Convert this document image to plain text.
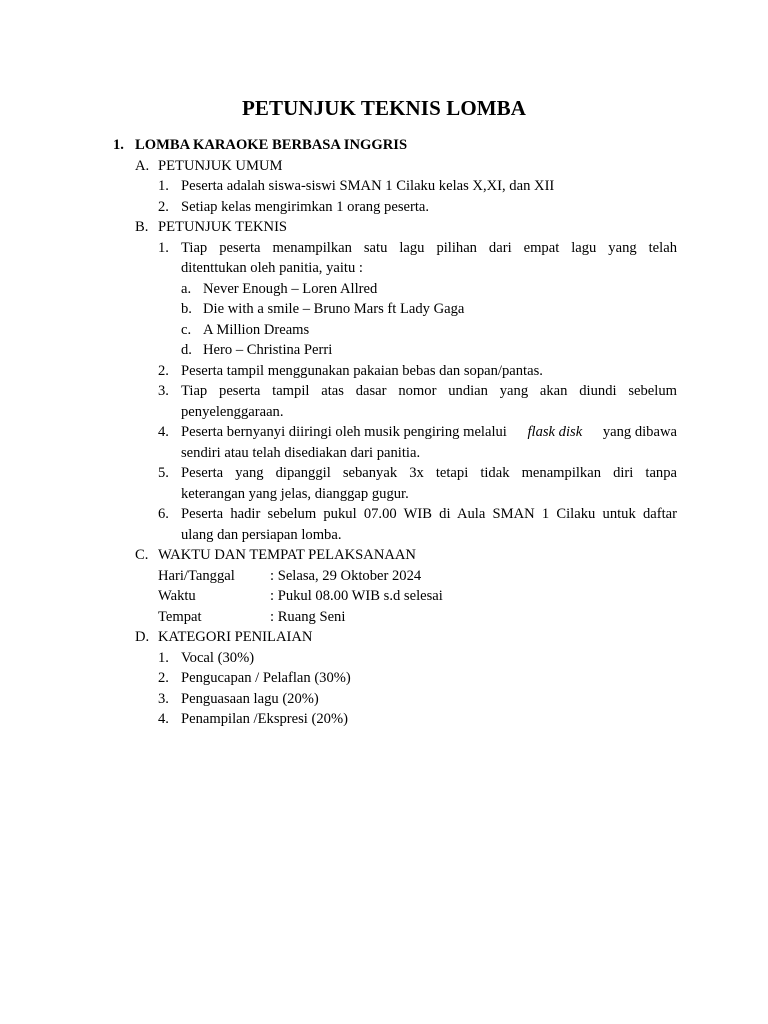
PETUNJUK TEKNIS LOMBA
1. LOMBA KARAOKE BERBASA INGGRIS
A. PETUNJUK UMUM
1. Peserta adalah siswa-siswi SMAN 1 Cilaku kelas X,XI, dan XII
2. Setiap kelas mengirimkan 1 orang peserta.
B. PETUNJUK TEKNIS
1. Tiap peserta menampilkan satu lagu pilihan dari empat lagu yang telah
ditenttukan oleh panitia, yaitu :
a. Never Enough – Loren Allred
b. Die with a smile – Bruno Mars ft Lady Gaga
c. A Million Dreams
d. Hero – Christina Perri
2. Peserta tampil menggunakan pakaian bebas dan sopan/pantas.
3. Tiap peserta tampil atas dasar nomor undian yang akan diundi sebelum
penyelenggaraan.
4. Peserta bernyanyi diiringi oleh musik pengiring melalui flask disk yang dibawa
sendiri atau telah disediakan dari panitia.
5. Peserta yang dipanggil sebanyak 3x tetapi tidak menampilkan diri tanpa
keterangan yang jelas, dianggap gugur.
6. Peserta hadir sebelum pukul 07.00 WIB di Aula SMAN 1 Cilaku untuk daftar
ulang dan persiapan lomba.
C. WAKTU DAN TEMPAT PELAKSANAAN
Hari/Tanggal : Selasa, 29 Oktober 2024
Waktu	: Pukul 08.00 WIB s.d selesai
Tempat	: Ruang Seni
D. KATEGORI PENILAIAN
1. Vocal (30%)
2. Pengucapan / Pelaflan (30%)
3. Penguasaan lagu (20%)
4. Penampilan /Ekspresi (20%)
